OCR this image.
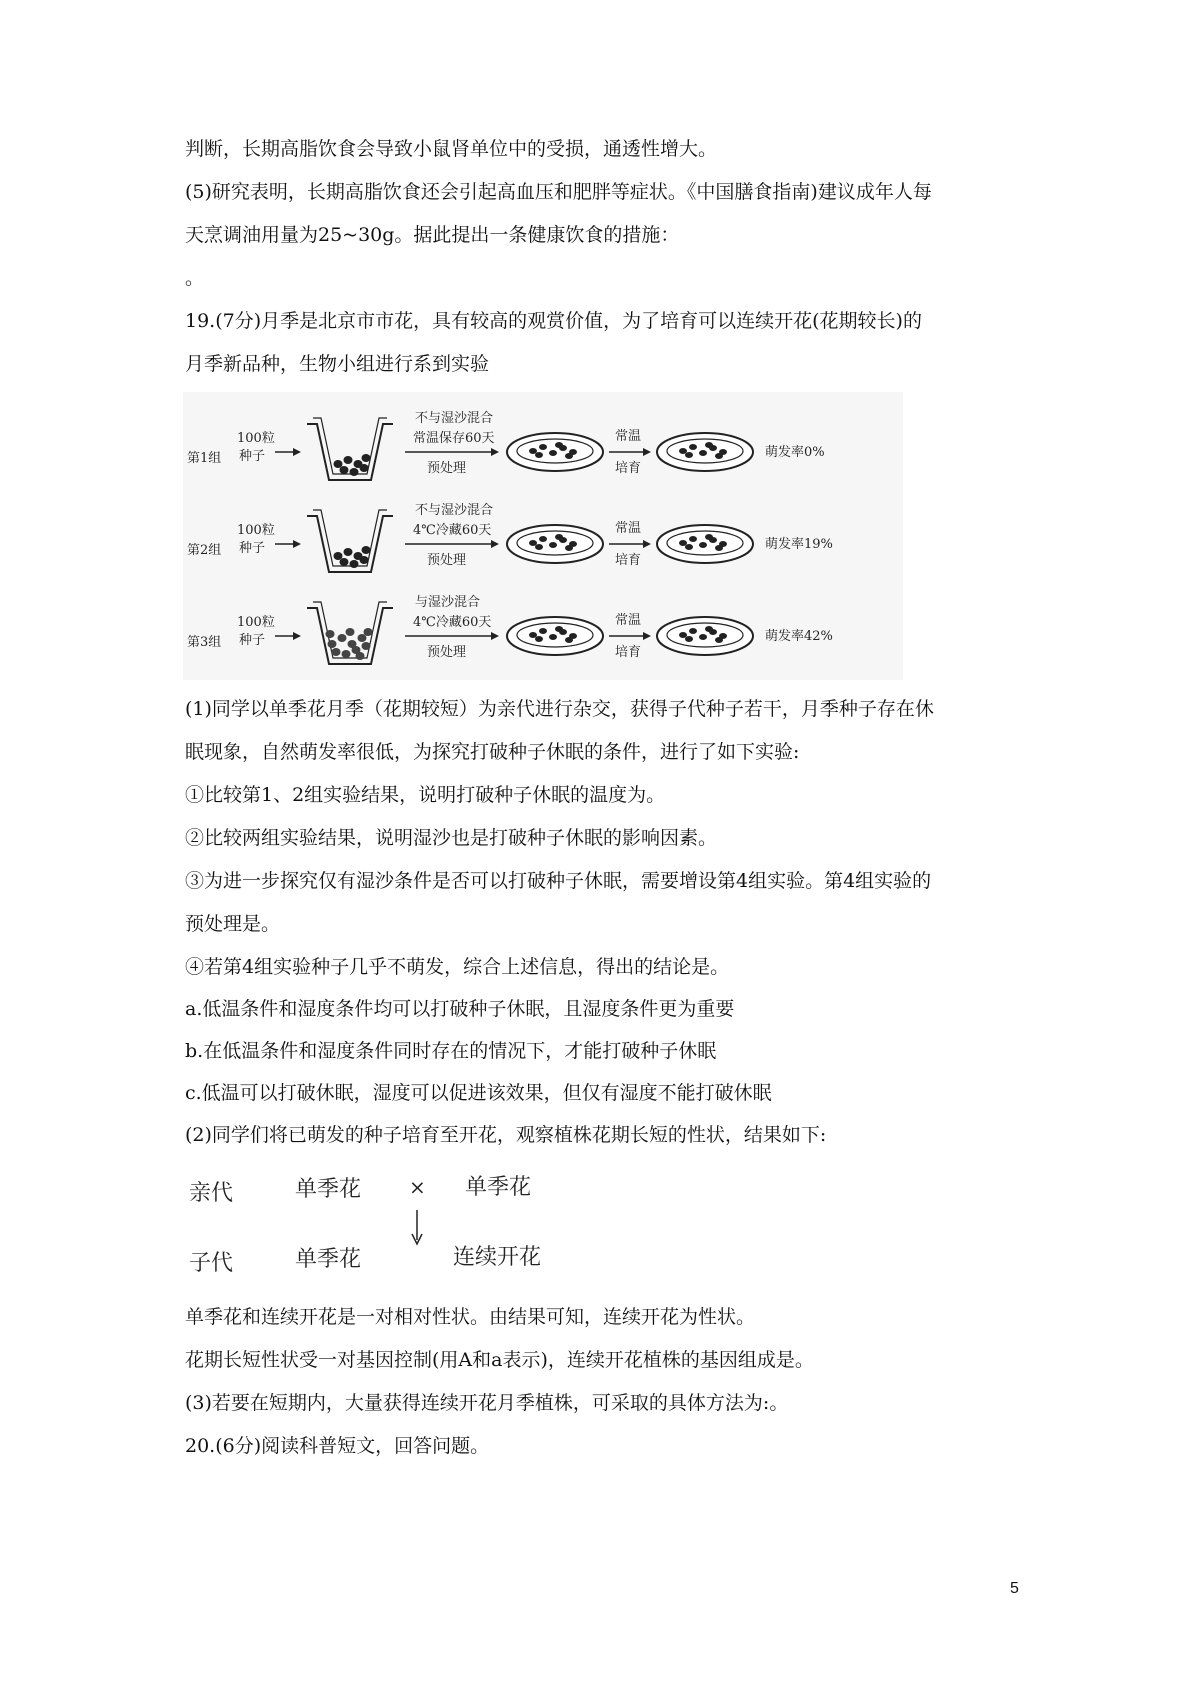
判断，长期高脂饮食会导致小鼠肾单位中的受损，通透性增大。
(5)研究表明，长期高脂饮食还会引起高血压和肥胖等症状。《中国膳食指南)建议成年人每
天烹调油用量为25~30g。据此提出一条健康饮食的措施：
。
19.(7分)月季是北京市市花，具有较高的观赏价值，为了培育可以连续开花(花期较长)的
月季新品种，生物小组进行系到实验
第1组
100粒
种子
不与湿沙混合
常温保存60天
预处理
常温
培育
萌发率0%
第2组
100粒
种子
不与湿沙混合
4℃冷藏60天
预处理
常温
培育
萌发率19%
第3组
100粒
种子
与湿沙混合
4℃冷藏60天
预处理
常温
培育
萌发率42%
(1)同学以单季花月季（花期较短）为亲代进行杂交，获得子代种子若干，月季种子存在休
眠现象，自然萌发率很低，为探究打破种子休眠的条件，进行了如下实验:
①比较第1、2组实验结果，说明打破种子休眠的温度为。
②比较两组实验结果，说明湿沙也是打破种子休眠的影响因素。
③为进一步探究仅有湿沙条件是否可以打破种子休眠，需要增设第4组实验。第4组实验的
预处理是。
④若第4组实验种子几乎不萌发，综合上述信息，得出的结论是。
a.低温条件和湿度条件均可以打破种子休眠，且湿度条件更为重要
b.在低温条件和湿度条件同时存在的情况下，才能打破种子休眠
c.低温可以打破休眠，湿度可以促进该效果，但仅有湿度不能打破休眠
(2)同学们将已萌发的种子培育至开花，观察植株花期长短的性状，结果如下:
亲代	单季花 × 单季花
子代	单季花	连续开花
单季花和连续开花是一对相对性状。由结果可知，连续开花为性状。
花期长短性状受一对基因控制(用A和a表示)，连续开花植株的基因组成是。
(3)若要在短期内，大量获得连续开花月季植株，可采取的具体方法为:。
20.(6分)阅读科普短文，回答问题。
5
